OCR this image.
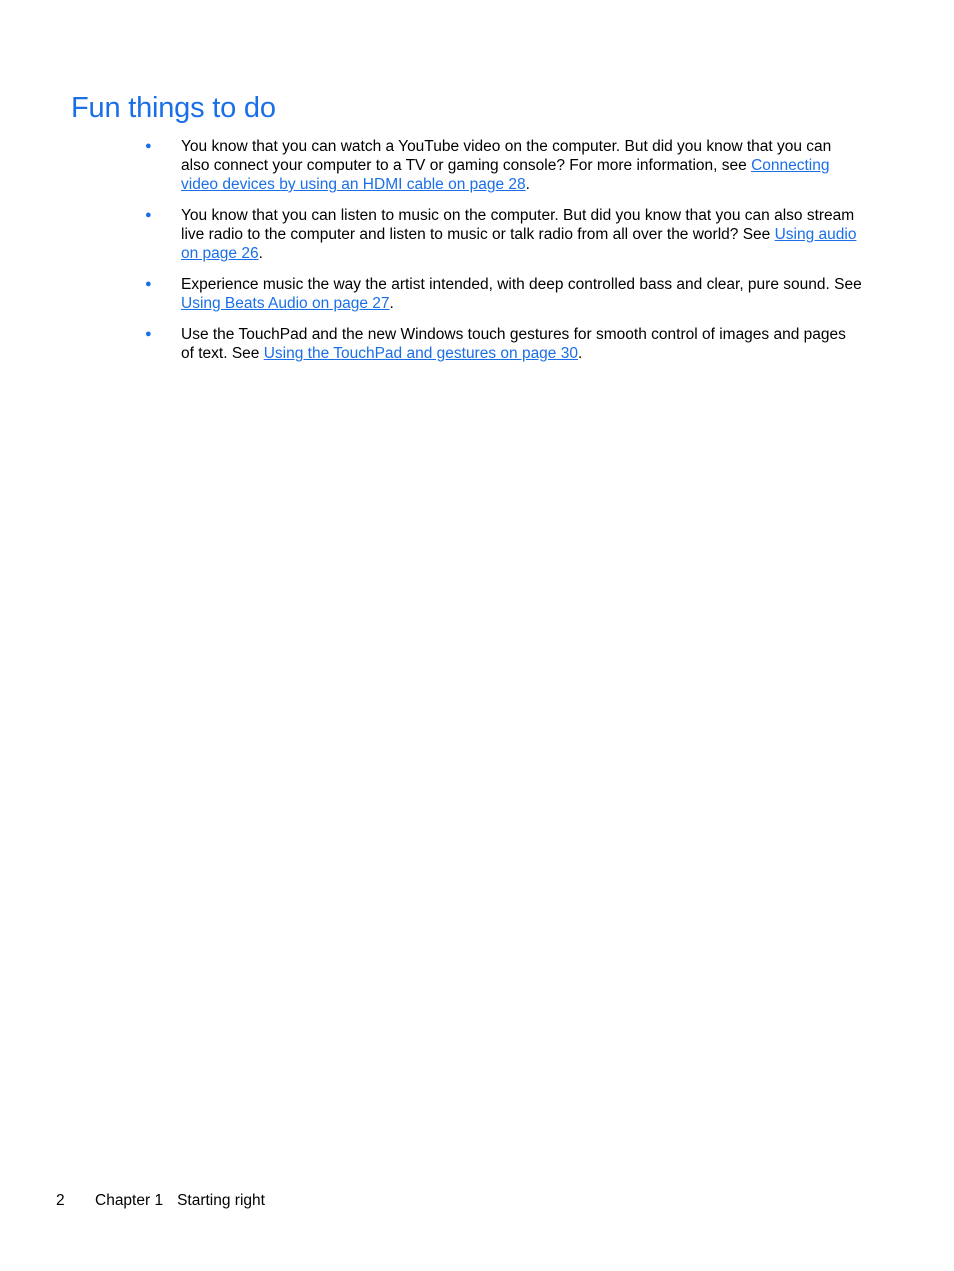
Fun things to do
● You know that you can watch a YouTube video on the computer. But did you know that you can also connect your computer to a TV or gaming console? For more information, see Connecting video devices by using an HDMI cable on page 28.
● You know that you can listen to music on the computer. But did you know that you can also stream live radio to the computer and listen to music or talk radio from all over the world? See Using audio on page 26.
● Experience music the way the artist intended, with deep controlled bass and clear, pure sound. See Using Beats Audio on page 27.
● Use the TouchPad and the new Windows touch gestures for smooth control of images and pages of text. See Using the TouchPad and gestures on page 30.
2 Chapter 1 Starting right
